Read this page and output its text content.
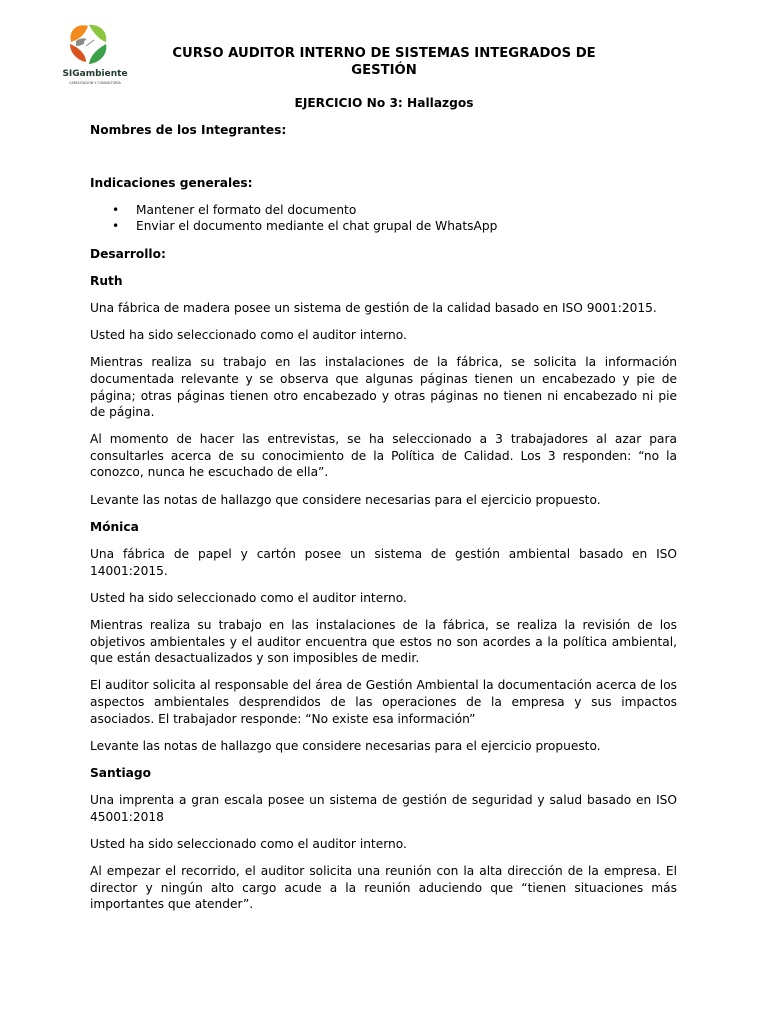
SIGambiente
CAPACITACIÓN Y CONSULTORÍA
CURSO AUDITOR INTERNO DE SISTEMAS INTEGRADOS DE GESTIÓN
EJERCICIO No 3: Hallazgos

Nombres de los Integrantes:

Indicaciones generales:

• Mantener el formato del documento
• Enviar el documento mediante el chat grupal de WhatsApp

Desarrollo:

Ruth

Una fábrica de madera posee un sistema de gestión de la calidad basado en ISO 9001:2015.

Usted ha sido seleccionado como el auditor interno.

Mientras realiza su trabajo en las instalaciones de la fábrica, se solicita la información documentada relevante y se observa que algunas páginas tienen un encabezado y pie de página; otras páginas tienen otro encabezado y otras páginas no tienen ni encabezado ni pie de página.

Al momento de hacer las entrevistas, se ha seleccionado a 3 trabajadores al azar para consultarles acerca de su conocimiento de la Política de Calidad. Los 3 responden: “no la conozco, nunca he escuchado de ella”.

Levante las notas de hallazgo que considere necesarias para el ejercicio propuesto.

Mónica

Una fábrica de papel y cartón posee un sistema de gestión ambiental basado en ISO 14001:2015.

Usted ha sido seleccionado como el auditor interno.

Mientras realiza su trabajo en las instalaciones de la fábrica, se realiza la revisión de los objetivos ambientales y el auditor encuentra que estos no son acordes a la política ambiental, que están desactualizados y son imposibles de medir.

El auditor solicita al responsable del área de Gestión Ambiental la documentación acerca de los aspectos ambientales desprendidos de las operaciones de la empresa y sus impactos asociados. El trabajador responde: “No existe esa información”

Levante las notas de hallazgo que considere necesarias para el ejercicio propuesto.

Santiago

Una imprenta a gran escala posee un sistema de gestión de seguridad y salud basado en ISO 45001:2018

Usted ha sido seleccionado como el auditor interno.

Al empezar el recorrido, el auditor solicita una reunión con la alta dirección de la empresa. El director y ningún alto cargo acude a la reunión aduciendo que “tienen situaciones más importantes que atender”.
